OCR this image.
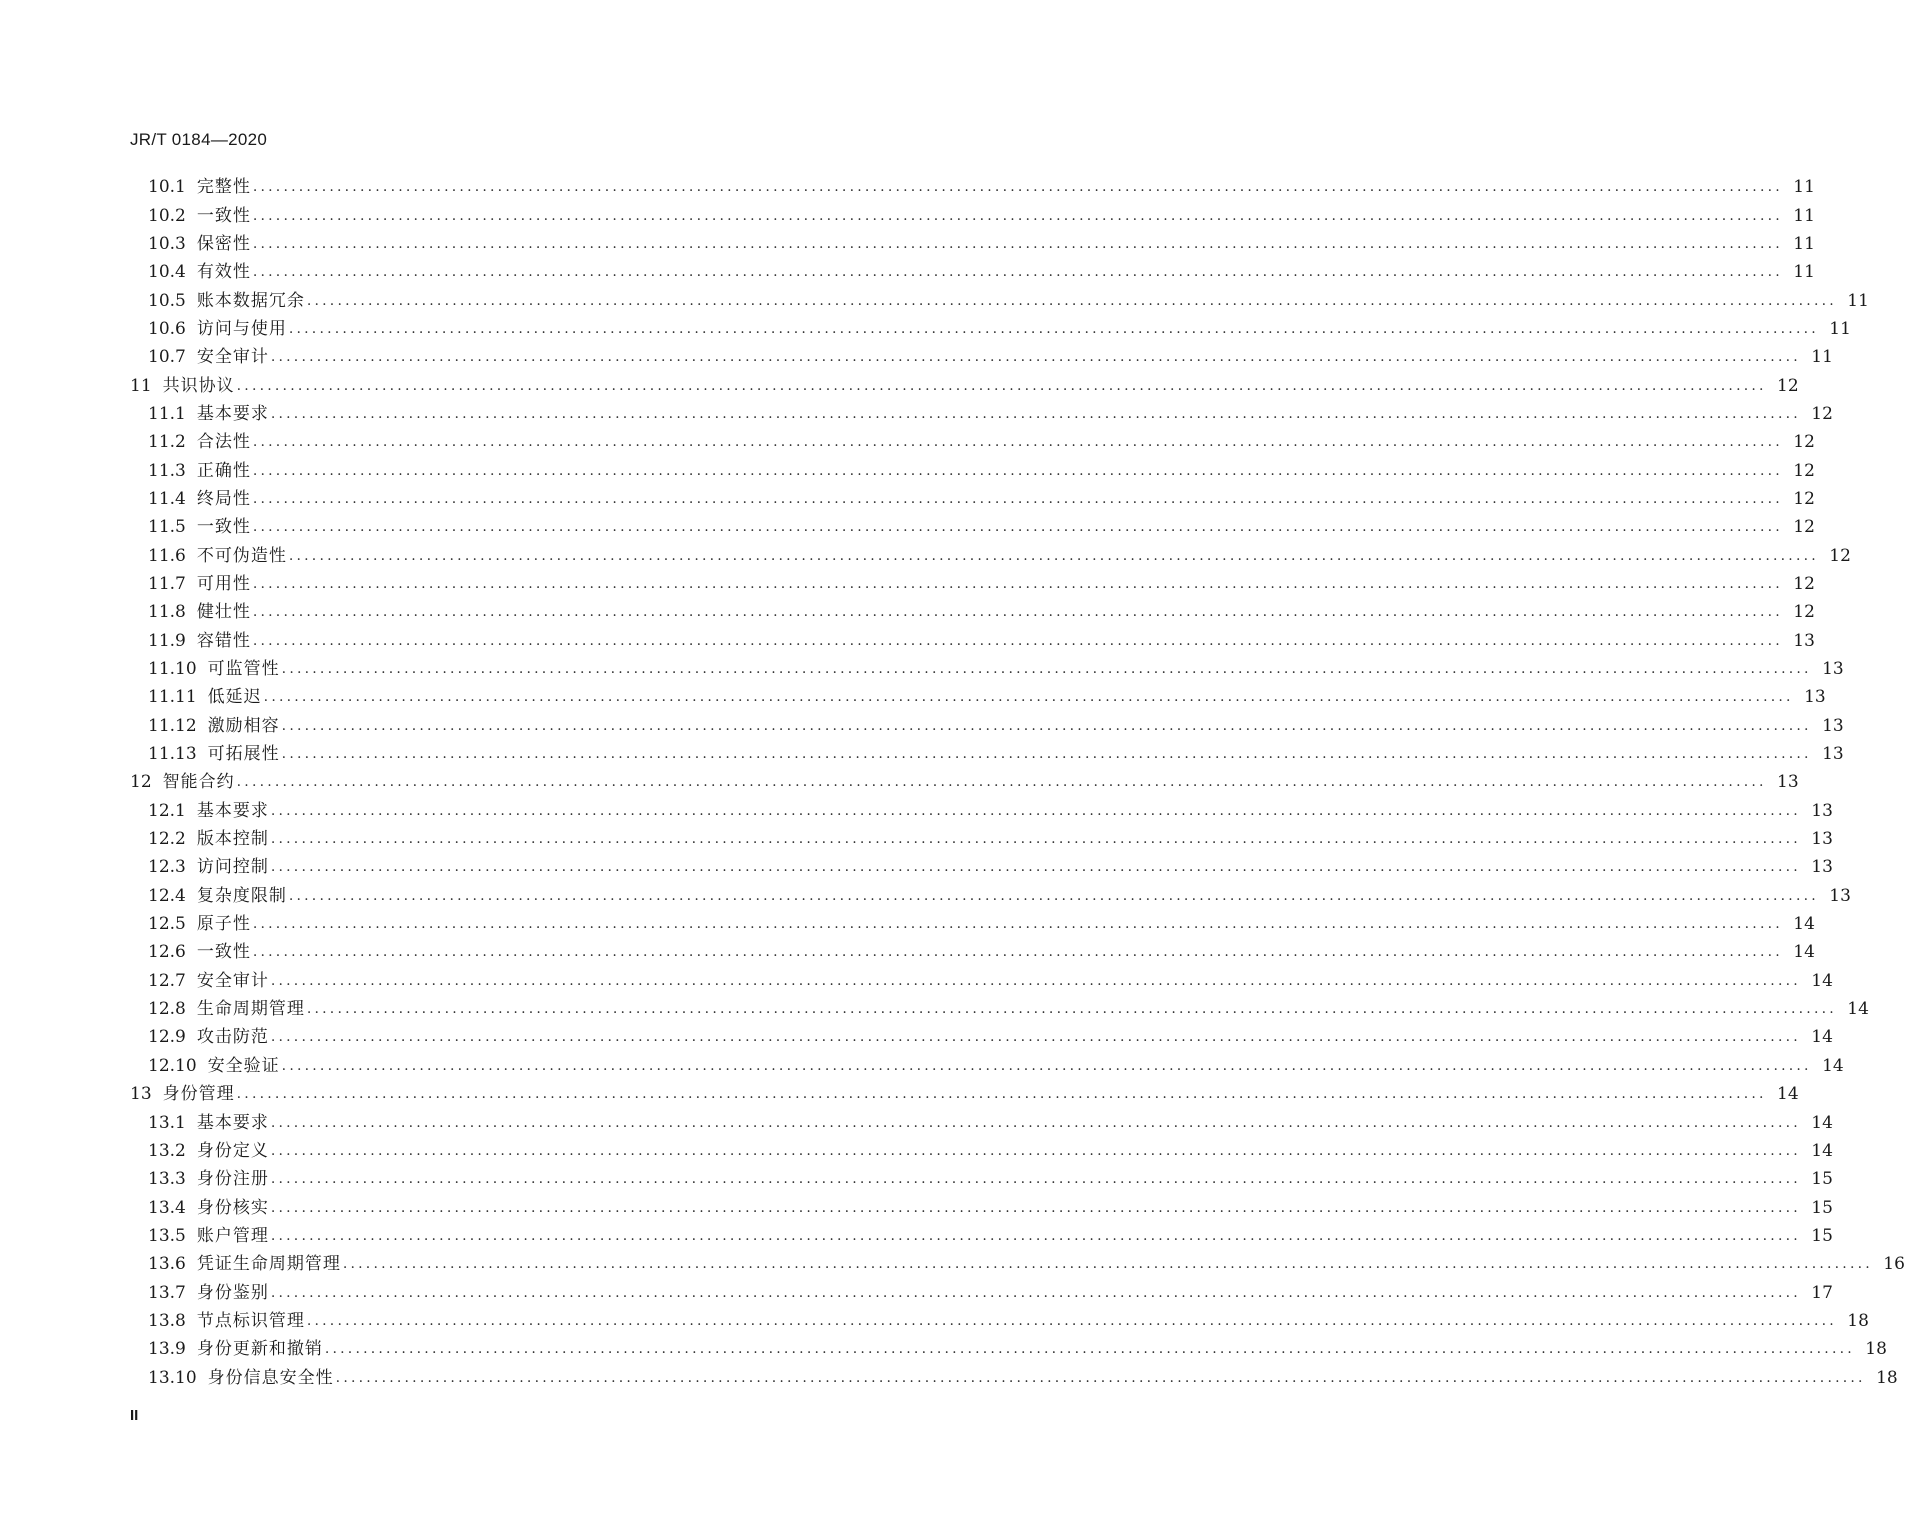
JR/T 0184—2020
10.1 完整性 ........................................................................................................................................................................................................ 11
10.2 一致性 ........................................................................................................................................................................................................ 11
10.3 保密性 ........................................................................................................................................................................................................ 11
10.4 有效性 ........................................................................................................................................................................................................ 11
10.5 账本数据冗余 ........................................................................................................................................................................................................ 11
10.6 访问与使用 ........................................................................................................................................................................................................ 11
10.7 安全审计 ........................................................................................................................................................................................................ 11
11 共识协议 ........................................................................................................................................................................................................ 12
11.1 基本要求 ........................................................................................................................................................................................................ 12
11.2 合法性 ........................................................................................................................................................................................................ 12
11.3 正确性 ........................................................................................................................................................................................................ 12
11.4 终局性 ........................................................................................................................................................................................................ 12
11.5 一致性 ........................................................................................................................................................................................................ 12
11.6 不可伪造性 ........................................................................................................................................................................................................ 12
11.7 可用性 ........................................................................................................................................................................................................ 12
11.8 健壮性 ........................................................................................................................................................................................................ 12
11.9 容错性 ........................................................................................................................................................................................................ 13
11.10 可监管性 ........................................................................................................................................................................................................ 13
11.11 低延迟 ........................................................................................................................................................................................................ 13
11.12 激励相容 ........................................................................................................................................................................................................ 13
11.13 可拓展性 ........................................................................................................................................................................................................ 13
12 智能合约 ........................................................................................................................................................................................................ 13
12.1 基本要求 ........................................................................................................................................................................................................ 13
12.2 版本控制 ........................................................................................................................................................................................................ 13
12.3 访问控制 ........................................................................................................................................................................................................ 13
12.4 复杂度限制 ........................................................................................................................................................................................................ 13
12.5 原子性 ........................................................................................................................................................................................................ 14
12.6 一致性 ........................................................................................................................................................................................................ 14
12.7 安全审计 ........................................................................................................................................................................................................ 14
12.8 生命周期管理 ........................................................................................................................................................................................................ 14
12.9 攻击防范 ........................................................................................................................................................................................................ 14
12.10 安全验证 ........................................................................................................................................................................................................ 14
13 身份管理 ........................................................................................................................................................................................................ 14
13.1 基本要求 ........................................................................................................................................................................................................ 14
13.2 身份定义 ........................................................................................................................................................................................................ 14
13.3 身份注册 ........................................................................................................................................................................................................ 15
13.4 身份核实 ........................................................................................................................................................................................................ 15
13.5 账户管理 ........................................................................................................................................................................................................ 15
13.6 凭证生命周期管理 ........................................................................................................................................................................................................ 16
13.7 身份鉴别 ........................................................................................................................................................................................................ 17
13.8 节点标识管理 ........................................................................................................................................................................................................ 18
13.9 身份更新和撤销 ........................................................................................................................................................................................................ 18
13.10 身份信息安全性 ........................................................................................................................................................................................................ 18
II
